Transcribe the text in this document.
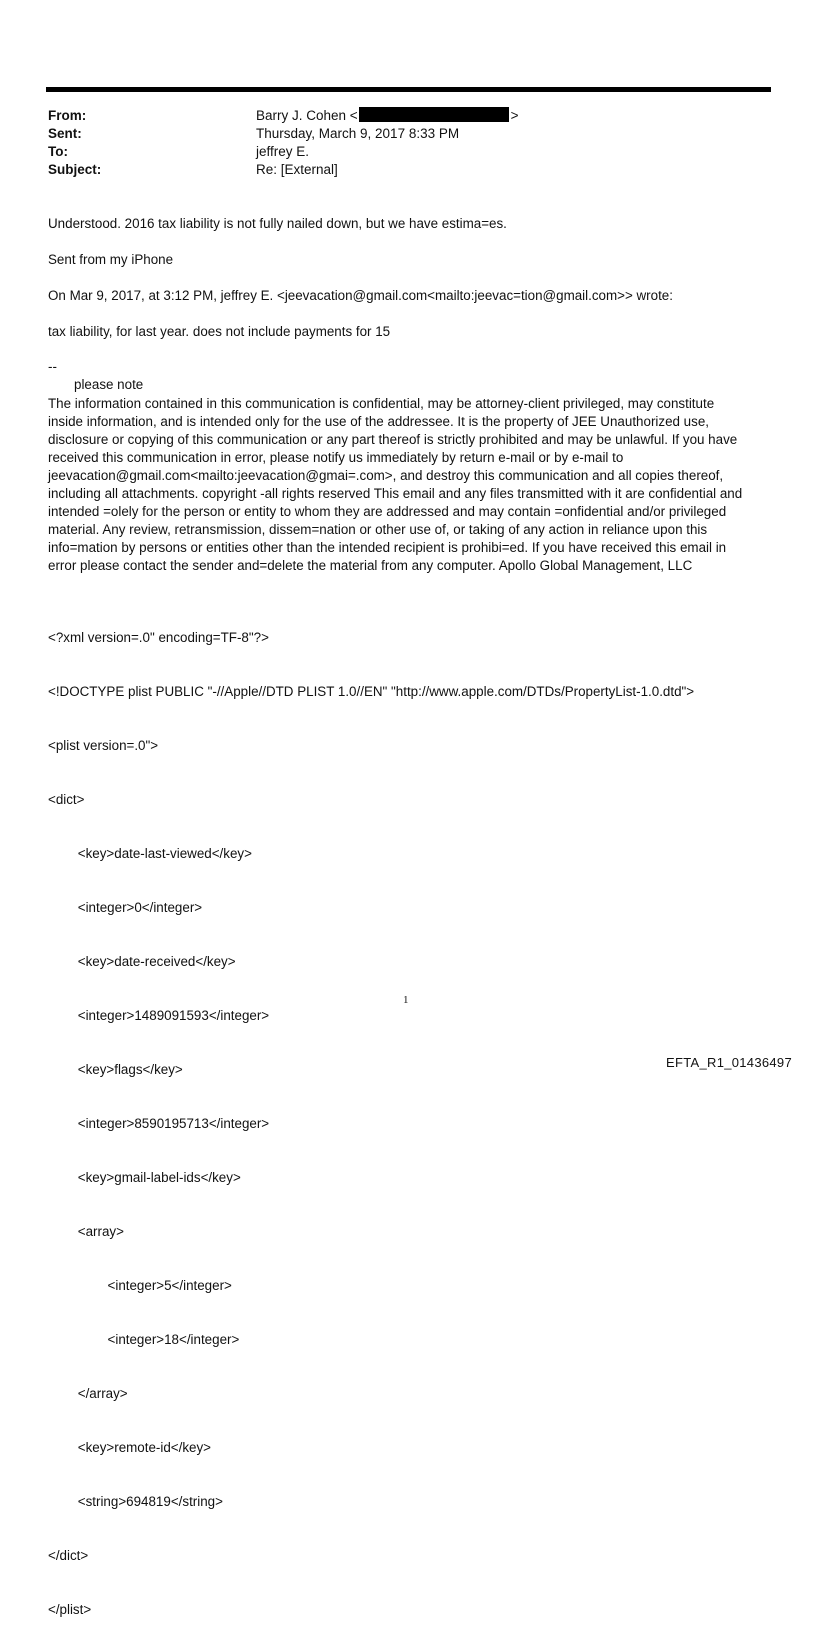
From:	Barry J. Cohen <	>
Sent:	Thursday, March 9, 2017 8:33 PM
To:	jeffrey E.
Subject:	Re: [External]
Understood. 2016 tax liability is not fully nailed down, but we have estima=es.
Sent from my iPhone
On Mar 9, 2017, at 3:12 PM, jeffrey E. <jeevacation@gmail.com<mailto:jeevac=tion@gmail.com>> wrote:
tax liability, for last year. does not include payments for 15
--
please note
The information contained in this communication is confidential, may be attorney-client privileged, may constitute
inside information, and is intended only for the use of the addressee. It is the property of JEE Unauthorized use,
disclosure or copying of this communication or any part thereof is strictly prohibited and may be unlawful. If you have
received this communication in error, please notify us immediately by return e-mail or by e-mail to
jeevacation@gmail.com<mailto:jeevacation@gmai=.com>, and destroy this communication and all copies thereof,
including all attachments. copyright -all rights reserved This email and any files transmitted with it are confidential and
intended =olely for the person or entity to whom they are addressed and may contain =onfidential and/or privileged
material. Any review, retransmission, dissem=nation or other use of, or taking of any action in reliance upon this
info=mation by persons or entities other than the intended recipient is prohibi=ed. If you have received this email in
error please contact the sender and=delete the material from any computer. Apollo Global Management, LLC

<?xml version=.0" encoding=TF-8"?>

<!DOCTYPE plist PUBLIC "-//Apple//DTD PLIST 1.0//EN" "http://www.apple.com/DTDs/PropertyList-1.0.dtd">

<plist version=.0">

<dict>

<key>date-last-viewed</key>

<integer>0</integer>

<key>date-received</key>

<integer>1489091593</integer>

<key>flags</key>

<integer>8590195713</integer>

<key>gmail-label-ids</key>

<array>

<integer>5</integer>

<integer>18</integer>

</array>

<key>remote-id</key>

<string>694819</string>

</dict>

</plist>

1
EFTA_R1_01436497
